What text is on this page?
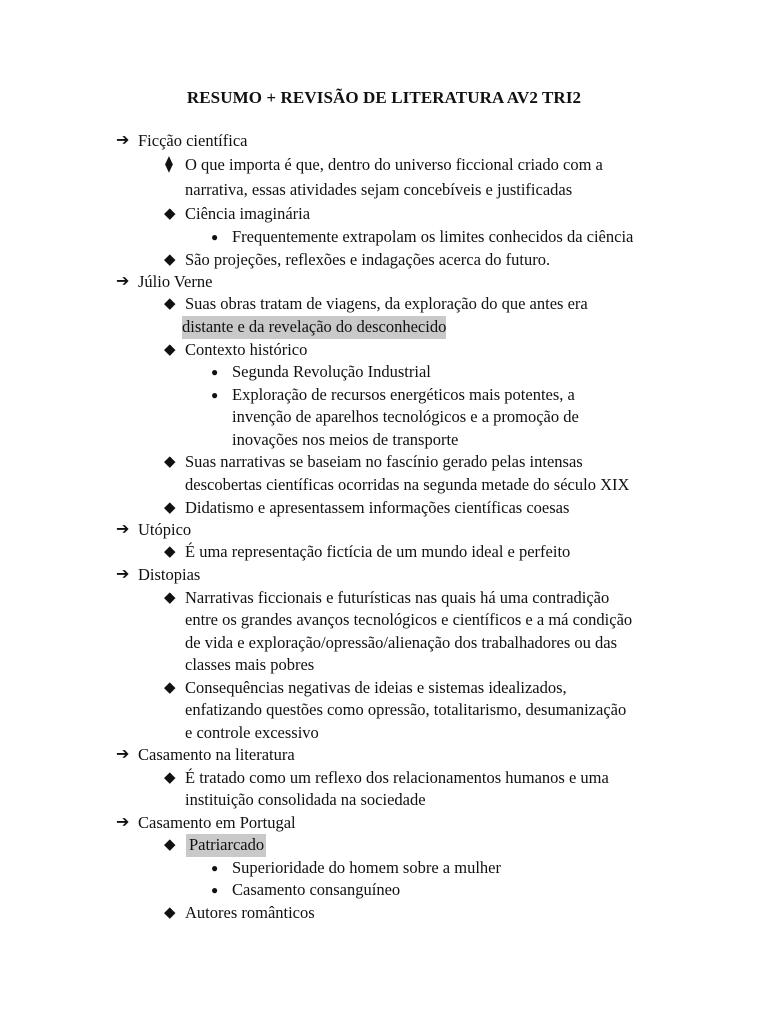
RESUMO + REVISÃO DE LITERATURA AV2 TRI2
➔ Ficção científica
⧫ O que importa é que, dentro do universo ficcional criado com a
narrativa, essas atividades sejam concebíveis e justificadas
◆ Ciência imaginária
● Frequentemente extrapolam os limites conhecidos da ciência
◆ São projeções, reflexões e indagações acerca do futuro.
➔ Júlio Verne
◆ Suas obras tratam de viagens, da exploração do que antes era
distante e da revelação do desconhecido
◆ Contexto histórico
● Segunda Revolução Industrial
● Exploração de recursos energéticos mais potentes, a
invenção de aparelhos tecnológicos e a promoção de
inovações nos meios de transporte
◆ Suas narrativas se baseiam no fascínio gerado pelas intensas
descobertas científicas ocorridas na segunda metade do século XIX
◆ Didatismo e apresentassem informações científicas coesas
➔ Utópico
◆ É uma representação fictícia de um mundo ideal e perfeito
➔ Distopias
◆ Narrativas ficcionais e futurísticas nas quais há uma contradição
entre os grandes avanços tecnológicos e científicos e a má condição
de vida e exploração/opressão/alienação dos trabalhadores ou das
classes mais pobres
◆ Consequências negativas de ideias e sistemas idealizados,
enfatizando questões como opressão, totalitarismo, desumanização
e controle excessivo
➔ Casamento na literatura
◆ É tratado como um reflexo dos relacionamentos humanos e uma
instituição consolidada na sociedade
➔ Casamento em Portugal
◆ Patriarcado
● Superioridade do homem sobre a mulher
● Casamento consanguíneo
◆ Autores românticos
